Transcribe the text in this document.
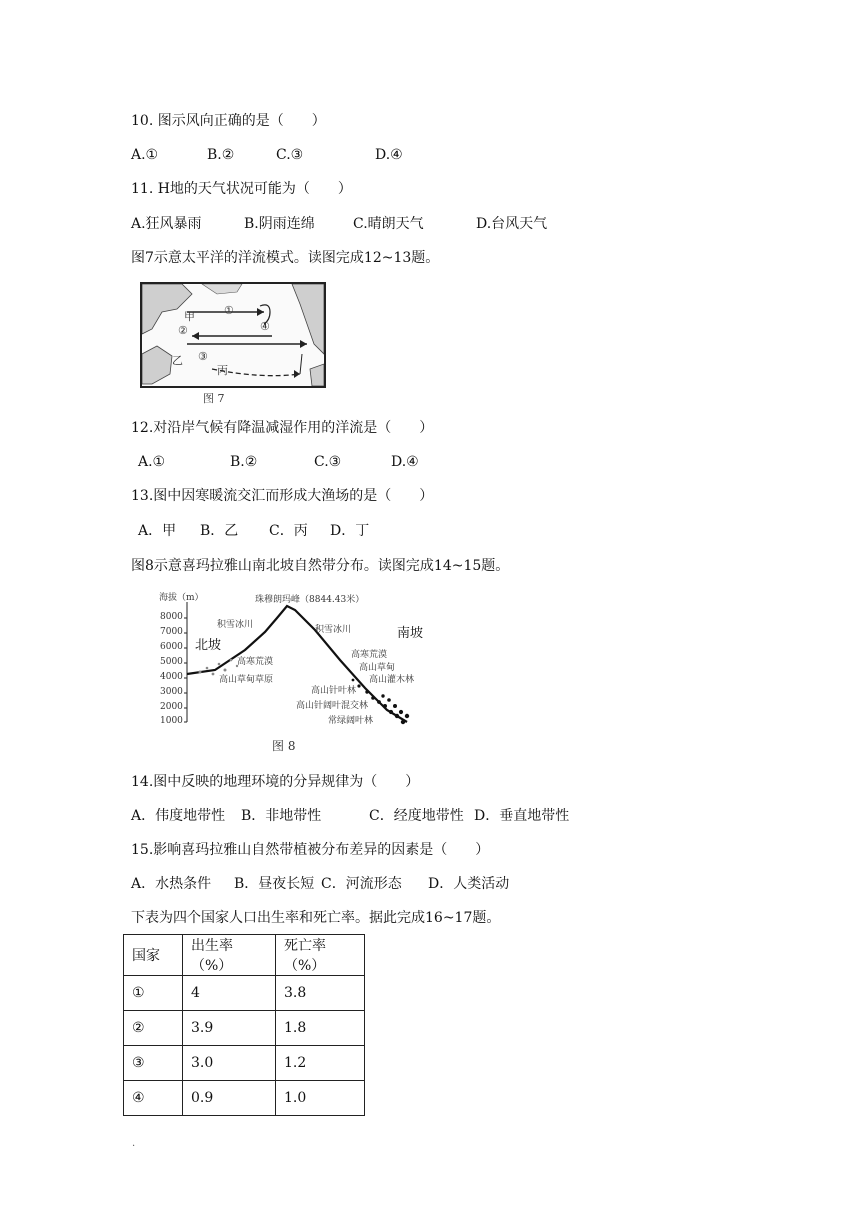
10. 图示风向正确的是（　　）

A.①

	B.②

	C.③

	D.④

11. H地的天气状况可能为（　　）

A.狂风暴雨

	B.阴雨连绵

	C.晴朗天气

	D.台风天气

图7示意太平洋的洋流模式。读图完成12~13题。
甲	①
②	④
③
丙
乙
图 7
12.对沿岸气候有降温减湿作用的洋流是（　　）

A.①

	B.②

	C.③

	D.④

13.图中因寒暖流交汇而形成大渔场的是（　　）

A．甲

B．乙

C．丙

D．丁

图8示意喜玛拉雅山南北坡自然带分布。读图完成14~15题。
海拔（m）
8000
7000
6000
5000
4000
3000
2000
1000
珠穆朗玛峰（8844.43米）
北坡
南坡
积雪冰川
高寒荒漠
高山草甸草原
积雪冰川
高寒荒漠
高山草甸
高山灌木林
高山针叶林
高山针阔叶混交林
常绿阔叶林
图 8
14.图中反映的地理环境的分异规律为（　　）

A．伟度地带性

B．非地带性

	C．经度地带性

D．垂直地带性

15.影响喜玛拉雅山自然带植被分布差异的因素是（　　）

A．水热条件

B．昼夜长短

C．河流形态

D．人类活动

下表为四个国家人口出生率和死亡率。据此完成16~17题。
国家	出生率（%）	死亡率（%）
①	4	3.8
②	3.9	1.8
③	3.0	1.2
④	0.9	1.0
.
